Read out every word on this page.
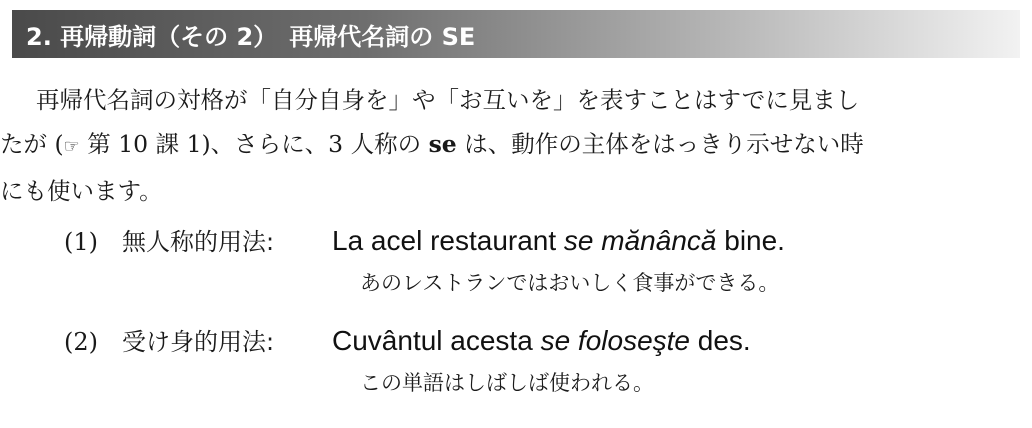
2. 再帰動詞（その 2）　再帰代名詞の SE
再帰代名詞の対格が「自分自身を」や「お互いを」を表すことはすでに見まし
たが (☞ 第 10 課 1)、さらに、3 人称の se は、動作の主体をはっきり示せない時
にも使います。
(1)	無人称的用法:	La acel restaurant se mănâncă bine.
あのレストランではおいしく食事ができる。
(2)	受け身的用法:	Cuvântul acesta se foloseşte des.
この単語はしばしば使われる。
